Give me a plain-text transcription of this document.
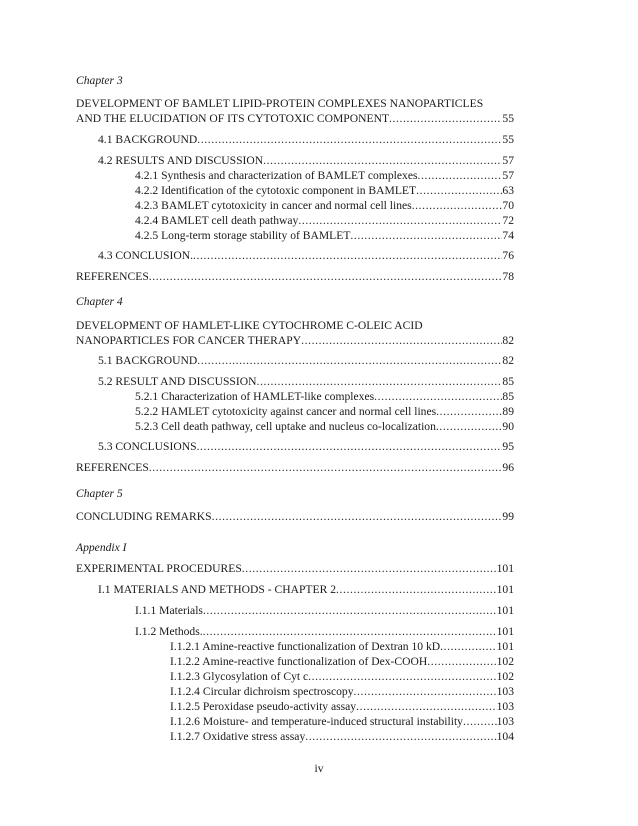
Chapter 3
DEVELOPMENT OF BAMLET LIPID-PROTEIN COMPLEXES NANOPARTICLES
AND THE ELUCIDATION OF ITS CYTOTOXIC COMPONENT .....	55
4.1 BACKGROUND .....	55
4.2 RESULTS AND DISCUSSION .....	57
4.2.1 Synthesis and characterization of BAMLET complexes .....	57
4.2.2 Identification of the cytotoxic component in BAMLET .....	63
4.2.3 BAMLET cytotoxicity in cancer and normal cell lines .....	70
4.2.4 BAMLET cell death pathway .....	72
4.2.5 Long-term storage stability of BAMLET .....	74
4.3 CONCLUSION. .....	76
REFERENCES .....	78
Chapter 4
DEVELOPMENT OF HAMLET-LIKE CYTOCHROME C-OLEIC ACID
NANOPARTICLES FOR CANCER THERAPY .....	82
5.1 BACKGROUND .....	82
5.2 RESULT AND DISCUSSION .....	85
5.2.1 Characterization of HAMLET-like complexes .....	85
5.2.2 HAMLET cytotoxicity against cancer and normal cell lines .....	89
5.2.3 Cell death pathway, cell uptake and nucleus co-localization .....	90
5.3 CONCLUSIONS .....	95
REFERENCES .....	96
Chapter 5
CONCLUDING REMARKS .....	99
Appendix I
EXPERIMENTAL PROCEDURES .....	101
I.1 MATERIALS AND METHODS - CHAPTER 2 .....	101
I.1.1 Materials .....	101
I.1.2 Methods. .....	101
I.1.2.1 Amine-reactive functionalization of Dextran 10 kD .....	101
I.1.2.2 Amine-reactive functionalization of Dex-COOH .....	102
I.1.2.3 Glycosylation of Cyt c .....	102
I.1.2.4 Circular dichroism spectroscopy .....	103
I.1.2.5 Peroxidase pseudo-activity assay .....	103
I.1.2.6 Moisture- and temperature-induced structural instability .....	103
I.1.2.7 Oxidative stress assay .....	104
iv
